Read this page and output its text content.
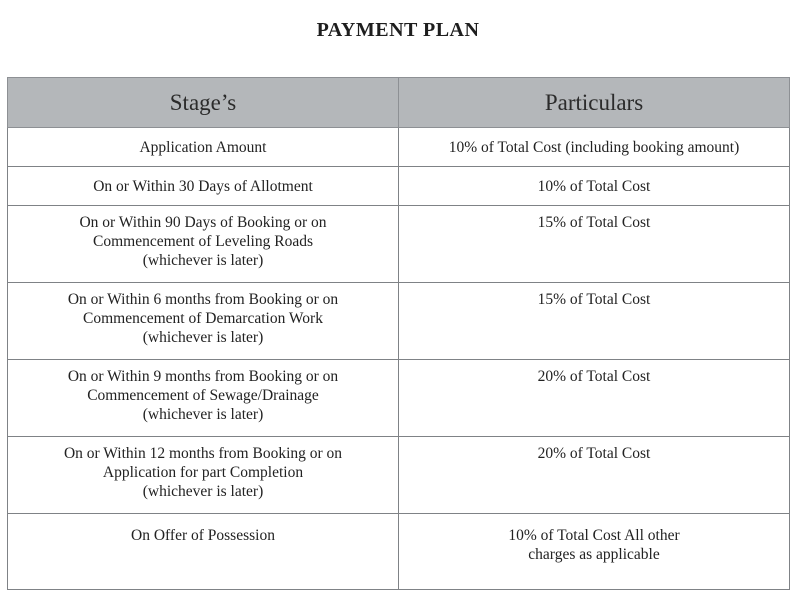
PAYMENT PLAN
Stage’s	Particulars

Application Amount	10% of Total Cost (including booking amount)

On or Within 30 Days of Allotment	10% of Total Cost

On or Within 90 Days of Booking or on
Commencement of Leveling Roads
(whichever is later)	15% of Total Cost

On or Within 6 months from Booking or on
Commencement of Demarcation Work
(whichever is later)	15% of Total Cost

On or Within 9 months from Booking or on
Commencement of Sewage/Drainage
(whichever is later)	20% of Total Cost

On or Within 12 months from Booking or on
Application for part Completion
(whichever is later)	20% of Total Cost

On Offer of Possession	10% of Total Cost All other
charges as applicable
